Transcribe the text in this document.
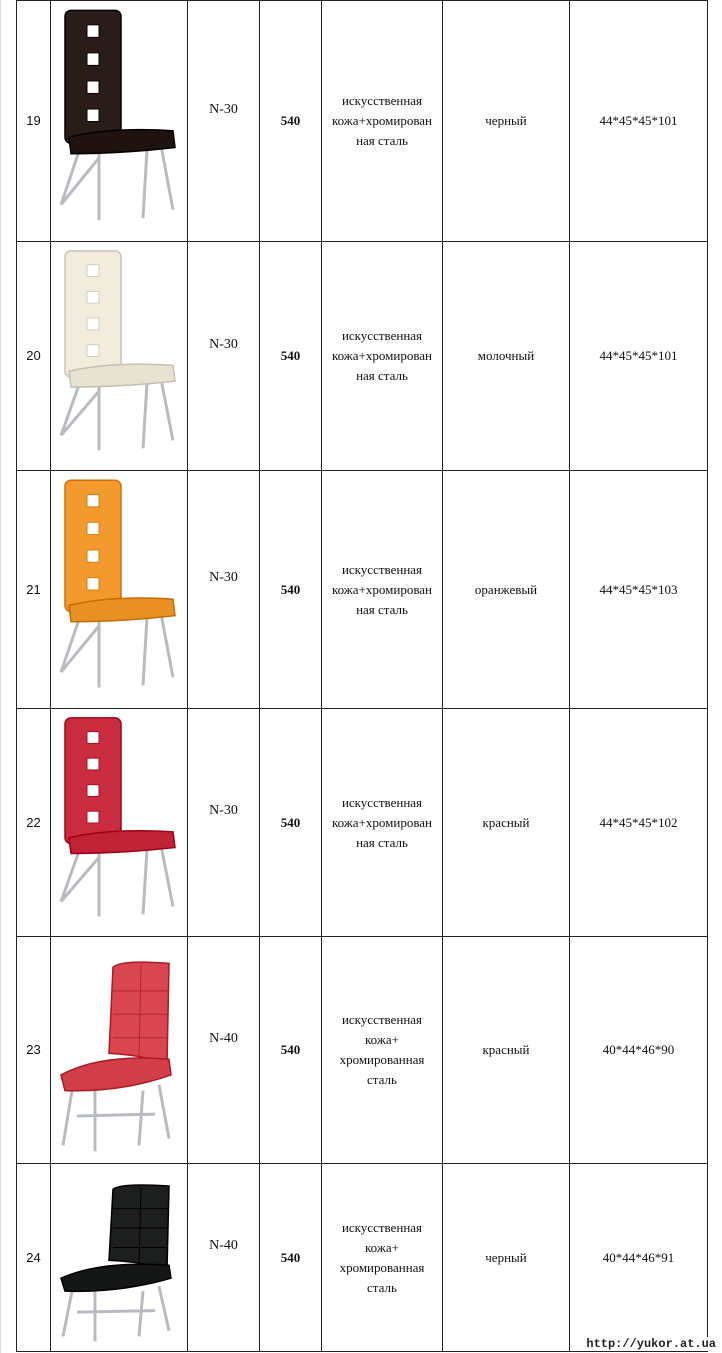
19		N-30	540	искусственная
кожа+хромирован
ная сталь	черный	44*45*45*101
20		N-30	540	искусственная
кожа+хромирован
ная сталь	молочный	44*45*45*101
21		N-30	540	искусственная
кожа+хромирован
ная сталь	оранжевый	44*45*45*103
22		N-30	540	искусственная
кожа+хромирован
ная сталь	красный	44*45*45*102
23		N-40	540	искусственная
кожа+
хромированная
сталь	красный	40*44*46*90
24		N-40	540	искусственная
кожа+
хромированная
сталь	черный	40*44*46*91
http://yukor.at.ua
